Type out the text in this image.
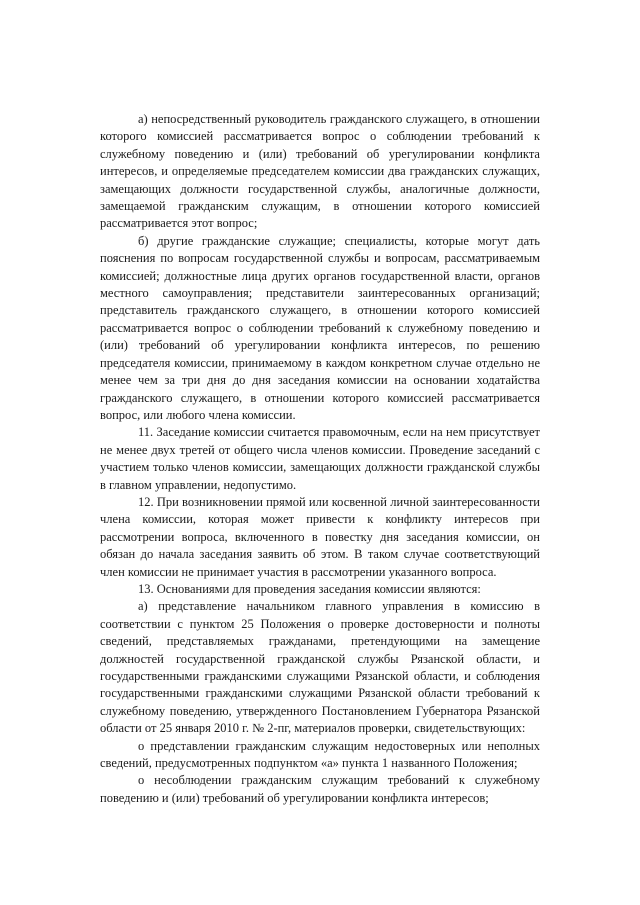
а) непосредственный руководитель гражданского служащего, в отношении которого комиссией рассматривается вопрос о соблюдении требований к служебному поведению и (или) требований об урегулировании конфликта интересов, и определяемые председателем комиссии два гражданских служащих, замещающих должности государственной службы, аналогичные должности, замещаемой гражданским служащим, в отношении которого комиссией рассматривается этот вопрос;

б) другие гражданские служащие; специалисты, которые могут дать пояснения по вопросам государственной службы и вопросам, рассматриваемым комиссией; должностные лица других органов государственной власти, органов местного самоуправления; представители заинтересованных организаций; представитель гражданского служащего, в отношении которого комиссией рассматривается вопрос о соблюдении требований к служебному поведению и (или) требований об урегулировании конфликта интересов, по решению председателя комиссии, принимаемому в каждом конкретном случае отдельно не менее чем за три дня до дня заседания комиссии на основании ходатайства гражданского служащего, в отношении которого комиссией рассматривается вопрос, или любого члена комиссии.

11. Заседание комиссии считается правомочным, если на нем присутствует не менее двух третей от общего числа членов комиссии. Проведение заседаний с участием только членов комиссии, замещающих должности гражданской службы в главном управлении, недопустимо.

12. При возникновении прямой или косвенной личной заинтересованности члена комиссии, которая может привести к конфликту интересов при рассмотрении вопроса, включенного в повестку дня заседания комиссии, он обязан до начала заседания заявить об этом. В таком случае соответствующий член комиссии не принимает участия в рассмотрении указанного вопроса.

13. Основаниями для проведения заседания комиссии являются:

а) представление начальником главного управления в комиссию в соответствии с пунктом 25 Положения о проверке достоверности и полноты сведений, представляемых гражданами, претендующими на замещение должностей государственной гражданской службы Рязанской области, и государственными гражданскими служащими Рязанской области, и соблюдения государственными гражданскими служащими Рязанской области требований к служебному поведению, утвержденного Постановлением Губернатора Рязанской области от 25 января 2010 г. № 2-пг, материалов проверки, свидетельствующих:

о представлении гражданским служащим недостоверных или неполных сведений, предусмотренных подпунктом «а» пункта 1 названного Положения;

о несоблюдении гражданским служащим требований к служебному поведению и (или) требований об урегулировании конфликта интересов;
